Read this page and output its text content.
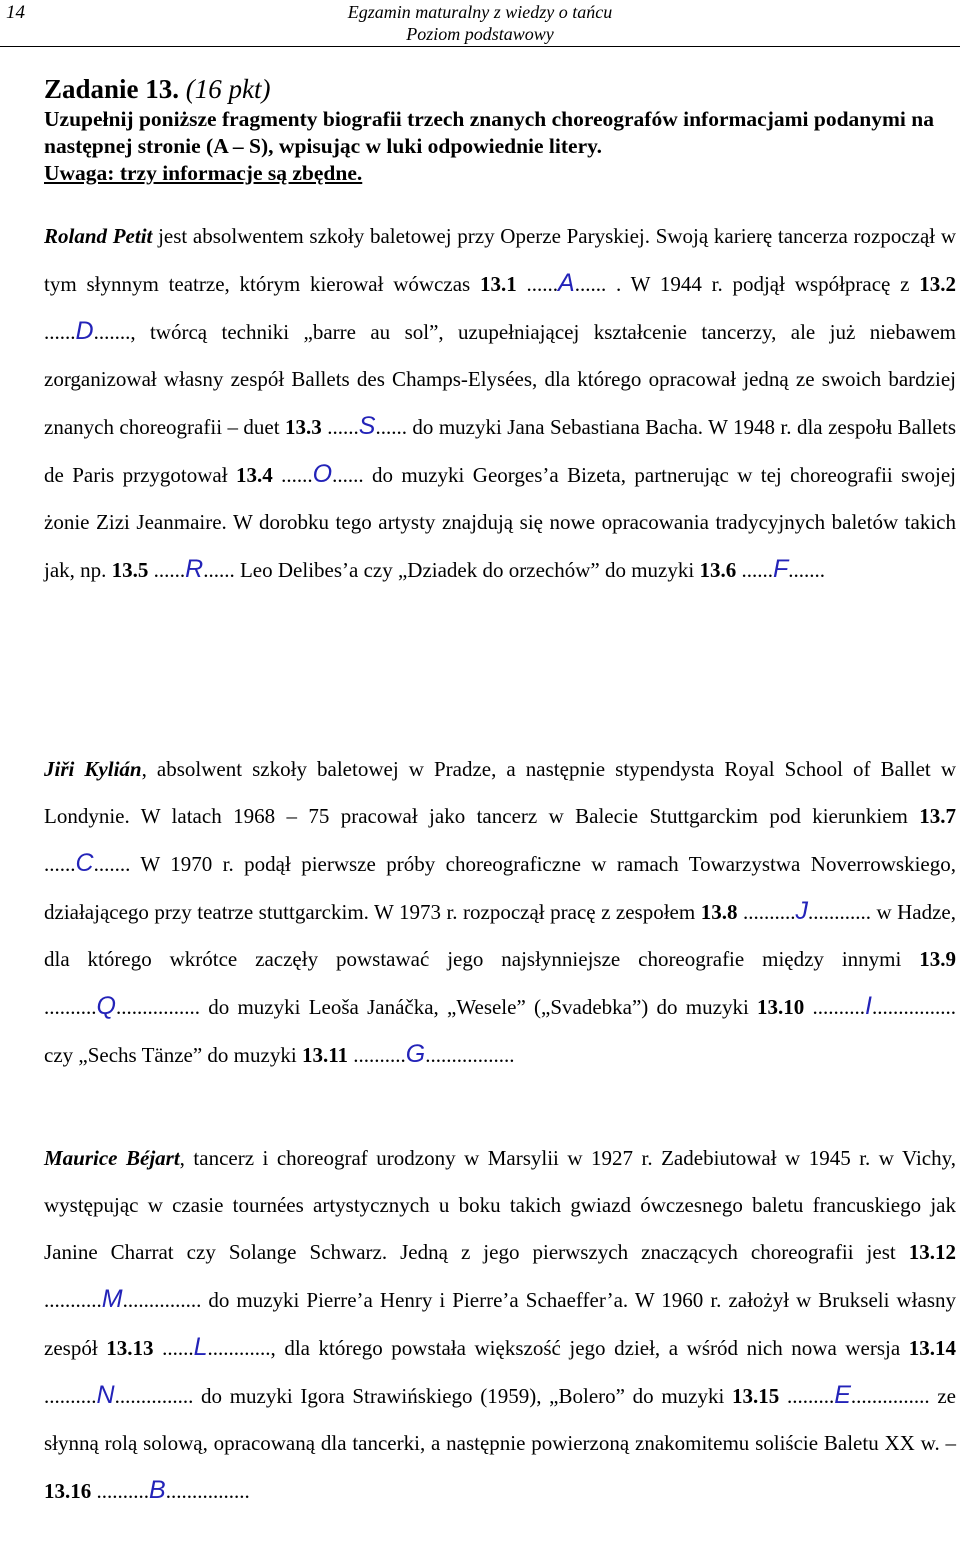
14	Egzamin maturalny z wiedzy o tańcu
Poziom podstawowy
Zadanie 13. (16 pkt)
Uzupełnij poniższe fragmenty biografii trzech znanych choreografów informacjami podanymi na następnej stronie (A – S), wpisując w luki odpowiednie litery.
Uwaga: trzy informacje są zbędne.
Roland Petit jest absolwentem szkoły baletowej przy Operze Paryskiej. Swoją karierę tancerza rozpoczął w tym słynnym teatrze, którym kierował wówczas 13.1 ......A...... . W 1944 r. podjął współpracę z 13.2 ......D......., twórcą techniki „barre au sol”, uzupełniającej kształcenie tancerzy, ale już niebawem zorganizował własny zespół Ballets des Champs-Elysées, dla którego opracował jedną ze swoich bardziej znanych choreografii – duet 13.3 ......S...... do muzyki Jana Sebastiana Bacha. W 1948 r. dla zespołu Ballets de Paris przygotował 13.4 ......O...... do muzyki Georges’a Bizeta, partnerując w tej choreografii swojej żonie Zizi Jeanmaire. W dorobku tego artysty znajdują się nowe opracowania tradycyjnych baletów takich jak, np. 13.5 ......R...... Leo Delibes’a czy „Dziadek do orzechów” do muzyki 13.6 ......F.......
Jiři Kylián, absolwent szkoły baletowej w Pradze, a następnie stypendysta Royal School of Ballet w Londynie. W latach 1968 – 75 pracował jako tancerz w Balecie Stuttgarckim pod kierunkiem 13.7 ......C....... W 1970 r. podął pierwsze próby choreograficzne w ramach Towarzystwa Noverrowskiego, działającego przy teatrze stuttgarckim. W 1973 r. rozpoczął pracę z zespołem 13.8 ..........J............ w Hadze, dla którego wkrótce zaczęły powstawać jego najsłynniejsze choreografie między innymi 13.9 ..........Q................ do muzyki Leoša Janáčka, „Wesele” („Svadebka”) do muzyki 13.10 ..........I................ czy „Sechs Tänze” do muzyki 13.11 ..........G.................
Maurice Béjart, tancerz i choreograf urodzony w Marsylii w 1927 r. Zadebiutował w 1945 r. w Vichy, występując w czasie tournées artystycznych u boku takich gwiazd ówczesnego baletu francuskiego jak Janine Charrat czy Solange Schwarz. Jedną z jego pierwszych znaczących choreografii jest 13.12 ...........M............... do muzyki Pierre’a Henry i Pierre’a Schaeffer’a. W 1960 r. założył w Brukseli własny zespół 13.13 ......L............, dla którego powstała większość jego dzieł, a wśród nich nowa wersja 13.14 ..........N............... do muzyki Igora Strawińskiego (1959), „Bolero” do muzyki 13.15 .........E............... ze słynną rolą solową, opracowaną dla tancerki, a następnie powierzoną znakomitemu soliście Baletu XX w. – 13.16 ..........B................
